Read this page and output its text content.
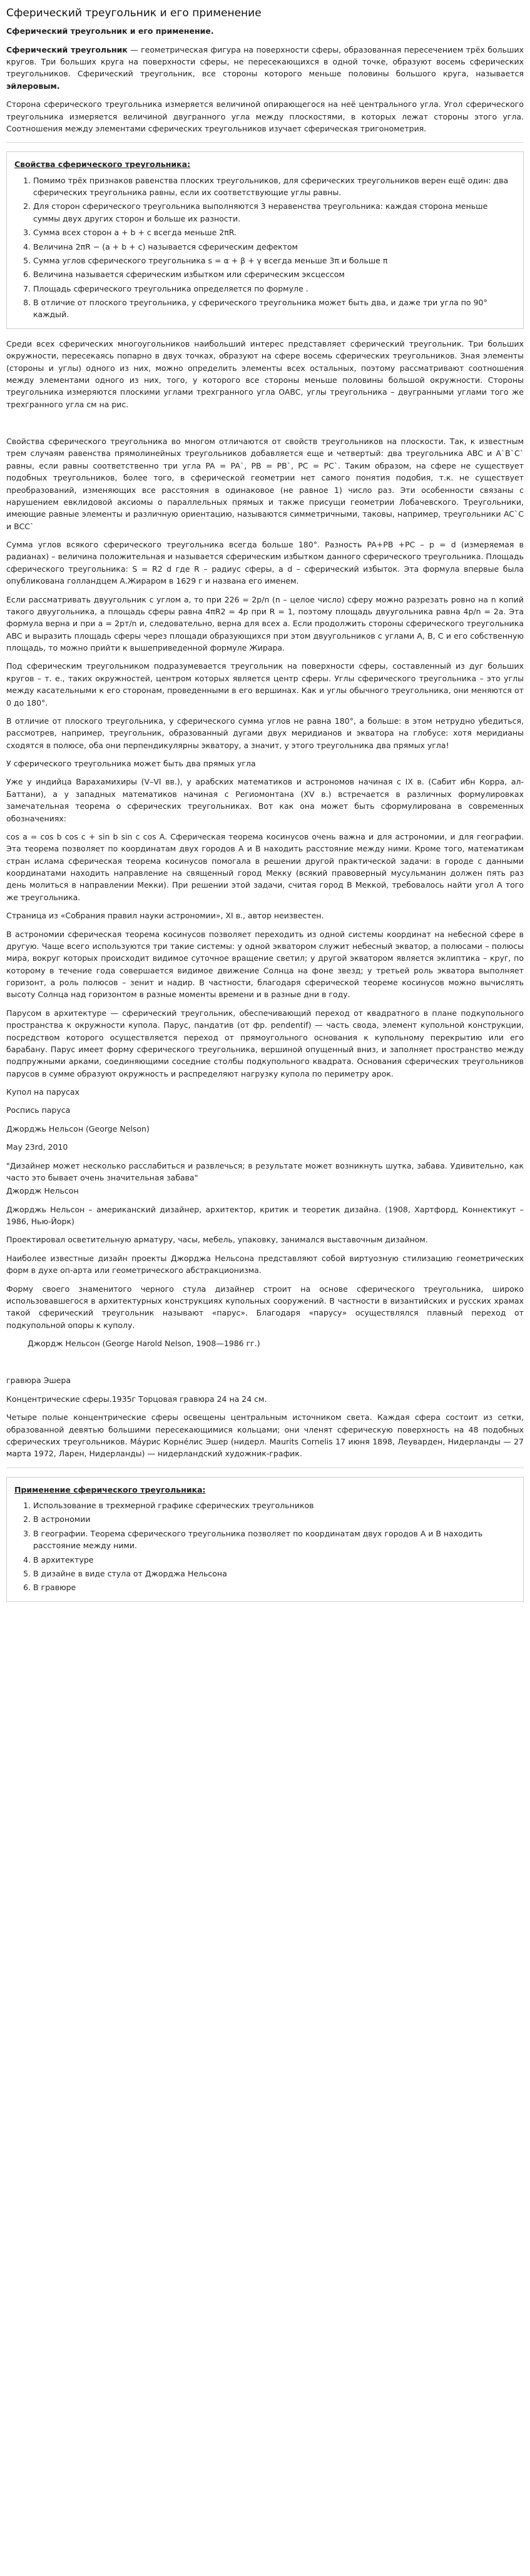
Сферический треугольник и его применение
Сферический треугольник и его применение.

Сферический треугольник — геометрическая фигура на поверхности сферы, образованная пересечением трёх больших кругов. Три больших круга на поверхности сферы, не пересекающихся в одной точке, образуют восемь сферических треугольников. Сферический треугольник, все стороны которого меньше половины большого круга, называется эйлеровым.

Сторона сферического треугольника измеряется величиной опирающегося на неё центрального угла. Угол сферического треугольника измеряется величиной двугранного угла между плоскостями, в которых лежат стороны этого угла. Соотношения между элементами сферических треугольников изучает сферическая тригонометрия.

Свойства сферического треугольника:
1. Помимо трёх признаков равенства плоских треугольников, для сферических треугольников верен ещё один: два сферических треугольника равны, если их соответствующие углы равны.
2. Для сторон сферического треугольника выполняются 3 неравенства треугольника: каждая сторона меньше суммы двух других сторон и больше их разности.
3. Сумма всех сторон a + b + c всегда меньше 2πR.
4. Величина 2πR − (a + b + c) называется сферическим дефектом
5. Сумма углов сферического треугольника s = α + β + γ всегда меньше 3π и больше π
6. Величина называется сферическим избытком или сферическим эксцессом
7. Площадь сферического треугольника определяется по формуле .
8. В отличие от плоского треугольника, у сферического треугольника может быть два, и даже три угла по 90° каждый.

Среди всех сферических многоугольников наибольший интерес представляет сферический треугольник. Три больших окружности, пересекаясь попарно в двух точках, образуют на сфере восемь сферических треугольников. Зная элементы (стороны и углы) одного из них, можно определить элементы всех остальных, поэтому рассматривают соотношения между элементами одного из них, того, у которого все стороны меньше половины большой окружности. Стороны треугольника измеряются плоскими углами трехгранного угла OABC, углы треугольника – двугранными углами того же трехгранного угла см на рис.

Свойства сферического треугольника во многом отличаются от свойств треугольников на плоскости. Так, к известным трем случаям равенства прямолинейных треугольников добавляется еще и четвертый: два треугольника ABC и A`B`C` равны, если равны соответственно три угла PA = PA`, PB = PB`, PC = PC`. Таким образом, на сфере не существует подобных треугольников, более того, в сферической геометрии нет самого понятия подобия, т.к. не существует преобразований, изменяющих все расстояния в одинаковое (не равное 1) число раз. Эти особенности связаны с нарушением евклидовой аксиомы о параллельных прямых и также присущи геометрии Лобачевского. Треугольники, имеющие равные элементы и различную ориентацию, называются симметричными, таковы, например, треугольники AC`C и BCC`

Сумма углов всякого сферического треугольника всегда больше 180°. Разность PA+PB +PC – p = d (измеряемая в радианах) – величина положительная и называется сферическим избытком данного сферического треугольника. Площадь сферического треугольника: S = R2 d где R – радиус сферы, а d – сферический избыток. Эта формула впервые была опубликована голландцем А.Жираром в 1629 г и названа его именем.

Если рассматривать двуугольник с углом a, то при 226 = 2p/n (n – целое число) сферу можно разрезать ровно на n копий такого двуугольника, а площадь сферы равна 4πR2 = 4p при R = 1, поэтому площадь двуугольника равна 4p/n = 2a. Эта формула верна и при a = 2pт/n и, следовательно, верна для всех a. Если продолжить стороны сферического треугольника ABC и выразить площадь сферы через площади образующихся при этом двуугольников с углами A, B, C и его собственную площадь, то можно прийти к вышеприведенной формуле Жирара.

Под сферическим треугольником подразумевается треугольник на поверхности сферы, составленный из дуг больших кругов – т. е., таких окружностей, центром которых является центр сферы. Углы сферического треугольника – это углы между касательными к его сторонам, проведенными в его вершинах. Как и углы обычного треугольника, они меняются от 0 до 180°.

В отличие от плоского треугольника, у сферического сумма углов не равна 180°, а больше: в этом нетрудно убедиться, рассмотрев, например, треугольник, образованный дугами двух меридианов и экватора на глобусе: хотя меридианы сходятся в полюсе, оба они перпендикулярны экватору, а значит, у этого треугольника два прямых угла!

У сферического треугольника может быть два прямых угла

Уже у индийца Варахамихиры (V–VI вв.), у арабских математиков и астрономов начиная с IX в. (Сабит ибн Корра, ал-Баттани), а у западных математиков начиная с Региомонтана (XV в.) встречается в различных формулировках замечательная теорема о сферических треугольниках. Вот как она может быть сформулирована в современных обозначениях:

cos a = cos b cos c + sin b sin c cos A. Сферическая теорема косинусов очень важна и для астрономии, и для географии. Эта теорема позволяет по координатам двух городов A и B находить расстояние между ними. Кроме того, математикам стран ислама сферическая теорема косинусов помогала в решении другой практической задачи: в городе с данными координатами находить направление на священный город Мекку (всякий правоверный мусульманин должен пять раз день молиться в направлении Мекки). При решении этой задачи, считая город B Меккой, требовалось найти угол A того же треугольника.

Страница из «Собрания правил науки астрономии», XI в., автор неизвестен.

В астрономии сферическая теорема косинусов позволяет переходить из одной системы координат на небесной сфере в другую. Чаще всего используются три такие системы: у одной экватором служит небесный экватор, а полюсами – полюсы мира, вокруг которых происходит видимое суточное вращение светил; у другой экватором является эклиптика – круг, по которому в течение года совершается видимое движение Солнца на фоне звезд; у третьей роль экватора выполняет горизонт, а роль полюсов – зенит и надир. В частности, благодаря сферической теореме косинусов можно вычислять высоту Солнца над горизонтом в разные моменты времени и в разные дни в году.

Парусом в архитектуре — сферический треугольник, обеспечивающий переход от квадратного в плане подкупольного пространства к окружности купола. Парус, пандатив (от фр. pendentif) — часть свода, элемент купольной конструкции, посредством которого осуществляется переход от прямоугольного основания к купольному перекрытию или его барабану. Парус имеет форму сферического треугольника, вершиной опущенный вниз, и заполняет пространство между подпружными арками, соединяющими соседние столбы подкупольного квадрата. Основания сферических треугольников парусов в сумме образуют окружность и распределяют нагрузку купола по периметру арок.

Купол на парусах

Роспись паруса

Джорджь Нельсон (George Nelson)

May 23rd, 2010

"Дизайнер может несколько расслабиться и развлечься; в результате может возникнуть шутка, забава. Удивительно, как часто это бывает очень значительная забава"

Джордж Нельсон

Джорджь Нельсон – американский дизайнер, архитектор, критик и теоретик дизайна. (1908, Хартфорд, Коннектикут – 1986, Нью-Йорк)

Проектировал осветительную арматуру, часы, мебель, упаковку, занимался выставочным дизайном.

Наиболее известные дизайн проекты Джорджа Нельсона представляют собой виртуозную стилизацию геометрических форм в духе оп-арта или геометрического абстракционизма.

Форму своего знаменитого черного стула дизайнер строит на основе сферического треугольника, широко использовавшегося в архитектурных конструкциях купольных сооружений. В частности в византийских и русских храмах такой сферический треугольник называют «парус». Благодаря «парусу» осуществлялся плавный переход от подкупольной опоры к куполу.

Джордж Нельсон (George Harold Nelson, 1908—1986 гг.)

гравюра Эшера

Концентрические сферы.1935г Торцовая гравюра 24 на 24 см.

Четыре полые концентрические сферы освещены центральным источником света. Каждая сфера состоит из сетки, образованной девятью большими пересекающимися кольцами; они членят сферическую поверхность на 48 подобных сферических треугольников. Мáурис Корнéлис Эшер (нидерл. Maurits Cornelis 17 июня 1898, Леуварден, Нидерланды — 27 марта 1972, Ларен, Нидерланды) — нидерландский художник-график.

Применение сферического треугольника:
1. Использование в трехмерной графике сферических треугольников
2. В астрономии
3. В географии. Теорема сферического треугольника позволяет по координатам двух городов A и B находить расстояние между ними.
4. В архитектуре
5. В дизайне в виде стула от Джорджа Нельсона
6. В гравюре
